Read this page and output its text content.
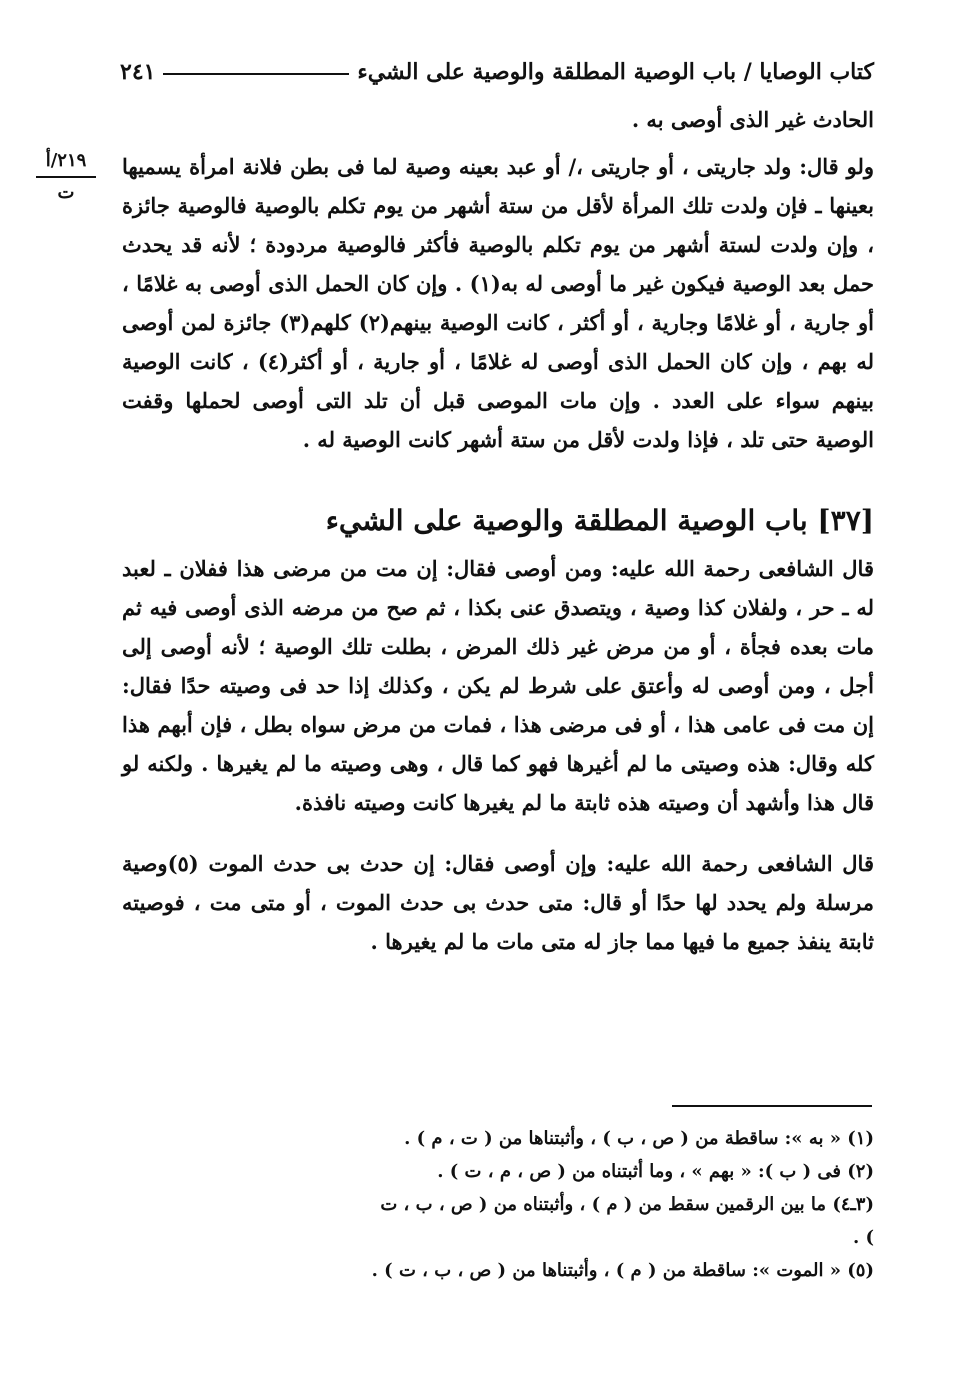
كتاب الوصايا / باب الوصية المطلقة والوصية على الشيء
٢٤١
٢١٩/أ
ت

الحادث غير الذى أوصى به .

ولو قال: ولد جاريتى ، أو جاريتى ،/ أو عبد بعينه وصية لما فى بطن فلانة امرأة يسميها بعينها ـ فإن ولدت تلك المرأة لأقل من ستة أشهر من يوم تكلم بالوصية فالوصية جائزة ، وإن ولدت لستة أشهر من يوم تكلم بالوصية فأكثر فالوصية مردودة ؛ لأنه قد يحدث حمل بعد الوصية فيكون غير ما أوصى له به(١) . وإن كان الحمل الذى أوصى به غلامًا ، أو جارية ، أو غلامًا وجارية ، أو أكثر ، كانت الوصية بينهم(٢) كلهم(٣) جائزة لمن أوصى له بهم ، وإن كان الحمل الذى أوصى له غلامًا ، أو جارية ، أو أكثر(٤) ، كانت الوصية بينهم سواء على العدد . وإن مات الموصى قبل أن تلد التى أوصى لحملها وقفت الوصية حتى تلد ، فإذا ولدت لأقل من ستة أشهر كانت الوصية له .

[٣٧] باب الوصية المطلقة والوصية على الشيء

قال الشافعى رحمة الله عليه: ومن أوصى فقال: إن مت من مرضى هذا ففلان ـ لعبد له ـ حر ، ولفلان كذا وصية ، ويتصدق عنى بكذا ، ثم صح من مرضه الذى أوصى فيه ثم مات بعده فجأة ، أو من مرض غير ذلك المرض ، بطلت تلك الوصية ؛ لأنه أوصى إلى أجل ، ومن أوصى له وأعتق على شرط لم يكن ، وكذلك إذا حد فى وصيته حدًا فقال: إن مت فى عامى هذا ، أو فى مرضى هذا ، فمات من مرض سواه بطل ، فإن أبهم هذا كله وقال: هذه وصيتى ما لم أغيرها فهو كما قال ، وهى وصيته ما لم يغيرها . ولكنه لو قال هذا وأشهد أن وصيته هذه ثابتة ما لم يغيرها كانت وصيته نافذة.

قال الشافعى رحمة الله عليه: وإن أوصى فقال: إن حدث بى حدث الموت (٥)وصية مرسلة ولم يحدد لها حدًا أو قال: متى حدث بى حدث الموت ، أو متى مت ، فوصيته ثابتة ينفذ جميع ما فيها مما جاز له متى مات ما لم يغيرها .

(١) « به »: ساقطة من ( ص ، ب ) ، وأثبتناها من ( ت ، م ) .
(٢) فى ( ب ): « بهم » ، وما أثبتناه من ( ص ، م ، ت ) .
(٣ـ٤) ما بين الرقمين سقط من ( م ) ، وأثبتناه من ( ص ، ب ، ت ) .
(٥) « الموت »: ساقطة من ( م ) ، وأثبتناها من ( ص ، ب ، ت ) .
